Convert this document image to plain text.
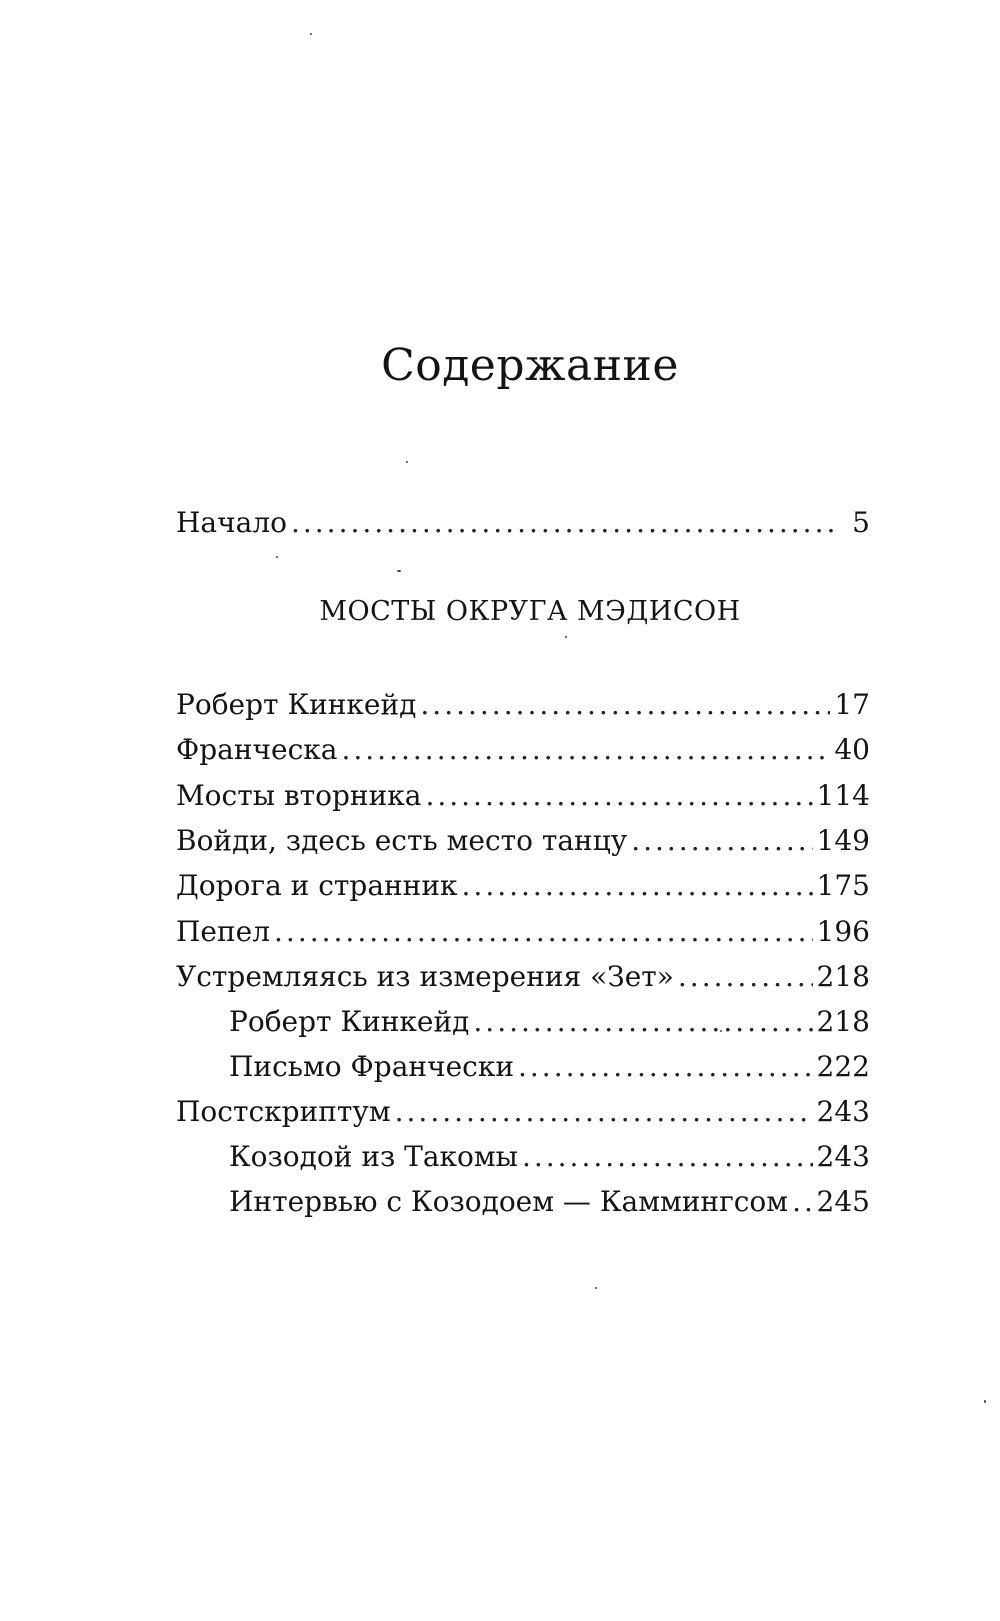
Содержание
Начало .....	5
МОСТЫ ОКРУГА МЭДИСОН
Роберт Кинкейд .....	17
Франческа .....	40
Мосты вторника .....	114
Войди, здесь есть место танцу .....	149
Дорога и странник .....	175
Пепел .....	196
Устремляясь из измерения «Зет» .....	218
Роберт Кинкейд .....	218
Письмо Франчески .....	222
Постскриптум .....	243
Козодой из Такомы .....	243
Интервью с Козодоем — Каммингсом ..... 245
